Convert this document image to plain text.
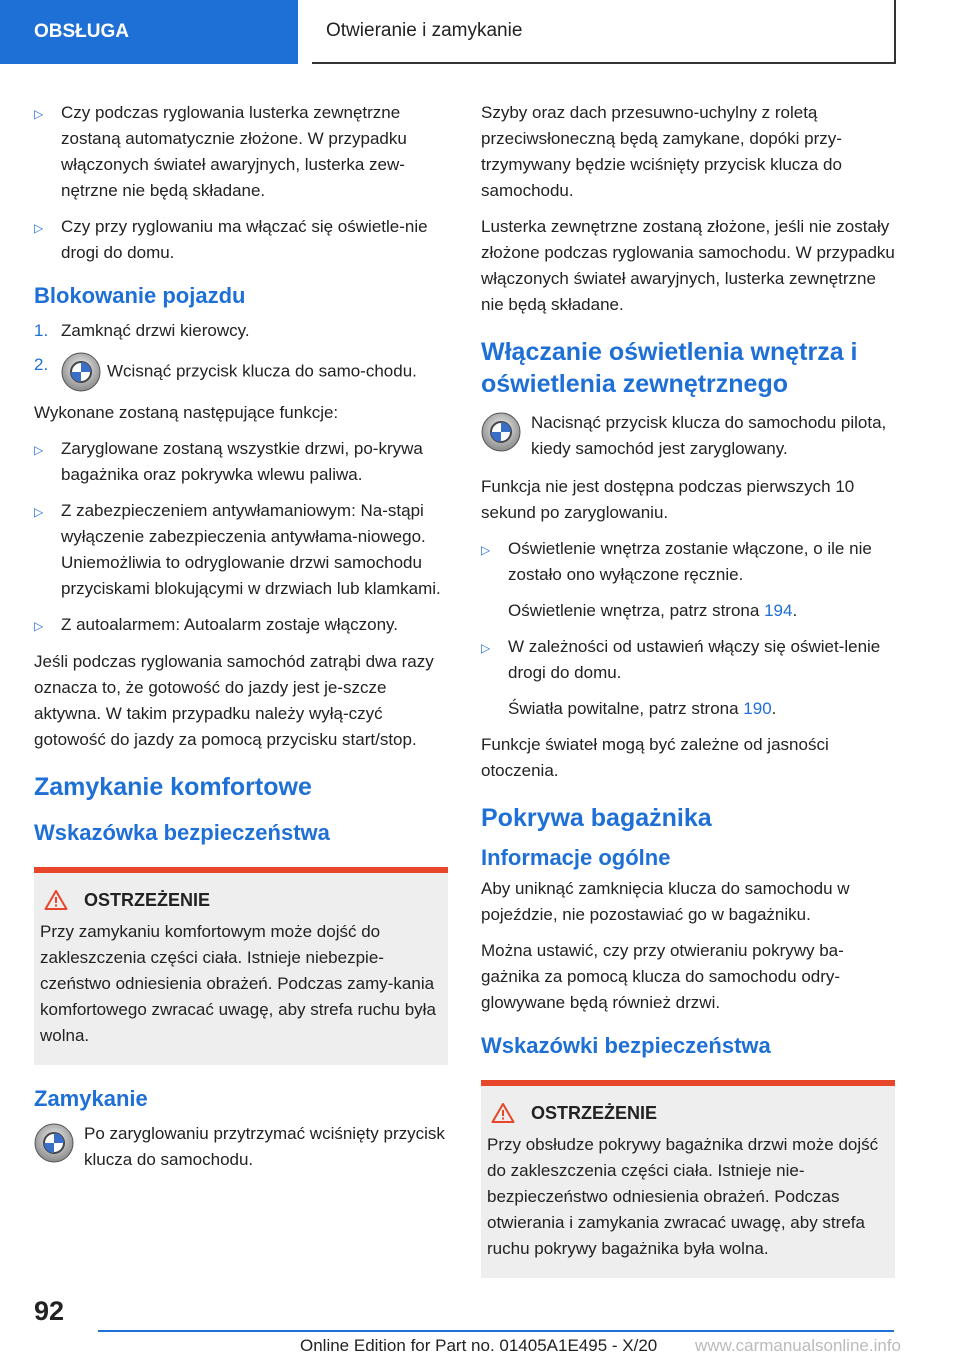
OBSŁUGA	Otwieranie i zamykanie
▷	Czy podczas ryglowania lusterka zewnętrzne zostaną automatycznie złożone. W przypadku włączonych świateł awaryjnych, lusterka zew-nętrzne nie będą składane.
▷	Czy przy ryglowaniu ma włączać się oświetle-nie drogi do domu.
Blokowanie pojazdu
1. Zamknąć drzwi kierowcy.
2.	Wcisnąć przycisk klucza do samo-chodu.

Wykonane zostaną następujące funkcje:

▷	Zaryglowane zostaną wszystkie drzwi, po-krywa bagażnika oraz pokrywka wlewu paliwa.
▷	Z zabezpieczeniem antywłamaniowym: Na-stąpi wyłączenie zabezpieczenia antywłama-niowego. Uniemożliwia to odryglowanie drzwi samochodu przyciskami blokującymi w drzwiach lub klamkami.
▷	Z autoalarmem: Autoalarm zostaje włączony.

Jeśli podczas ryglowania samochód zatrąbi dwa razy oznacza to, że gotowość do jazdy jest je-szcze aktywna. W takim przypadku należy wyłą-czyć gotowość do jazdy za pomocą przycisku start/stop.

Zamykanie komfortowe
Wskazówka bezpieczeństwa
OSTRZEŻENIE
Przy zamykaniu komfortowym może dojść do zakleszczenia części ciała. Istnieje niebezpie-czeństwo odniesienia obrażeń. Podczas zamy-kania komfortowego zwracać uwagę, aby strefa ruchu była wolna.
Zamykanie
Po zaryglowaniu przytrzymać wciśnięty przycisk klucza do samochodu.

Szyby oraz dach przesuwno-uchylny z roletą przeciwsłoneczną będą zamykane, dopóki przy-trzymywany będzie wciśnięty przycisk klucza do samochodu.

Lusterka zewnętrzne zostaną złożone, jeśli nie zostały złożone podczas ryglowania samochodu. W przypadku włączonych świateł awaryjnych, lusterka zewnętrzne nie będą składane.

Włączanie oświetlenia wnętrza i oświetlenia zewnętrznego
Nacisnąć przycisk klucza do samochodu pilota, kiedy samochód jest zaryglowany.

Funkcja nie jest dostępna podczas pierwszych 10 sekund po zaryglowaniu.

▷	Oświetlenie wnętrza zostanie włączone, o ile nie zostało ono wyłączone ręcznie.
Oświetlenie wnętrza, patrz strona 194.
▷	W zależności od ustawień włączy się oświet-lenie drogi do domu.
Światła powitalne, patrz strona 190.

Funkcje świateł mogą być zależne od jasności otoczenia.

Pokrywa bagażnika
Informacje ogólne

Aby uniknąć zamknięcia klucza do samochodu w pojeździe, nie pozostawiać go w bagażniku.

Można ustawić, czy przy otwieraniu pokrywy ba-gażnika za pomocą klucza do samochodu odry-glowywane będą również drzwi.

Wskazówki bezpieczeństwa
OSTRZEŻENIE
Przy obsłudze pokrywy bagażnika drzwi może dojść do zakleszczenia części ciała. Istnieje nie-bezpieczeństwo odniesienia obrażeń. Podczas otwierania i zamykania zwracać uwagę, aby strefa ruchu pokrywy bagażnika była wolna.
92
Online Edition for Part no. 01405A1E495 - X/20 www.carmanualsonline.info
